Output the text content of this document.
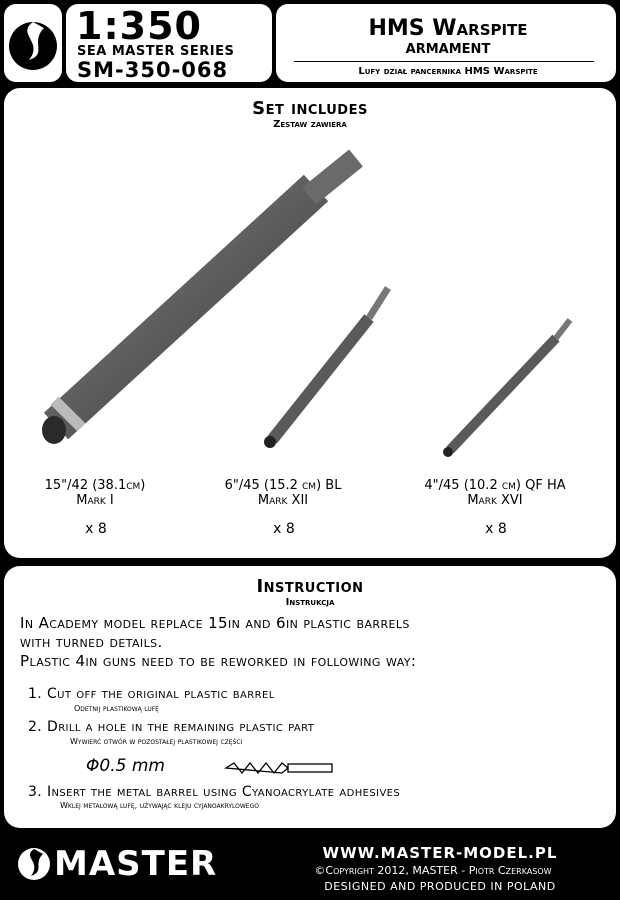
1:350
SEA MASTER SERIES
SM-350-068
HMS Warspite
ARMAMENT
Lufy dział pancernika HMS Warspite
Set includes
Zestaw zawiera
15"/42 (38.1cm)
Mark I
x 8
6"/45 (15.2 cm) BL
Mark XII
x 8
4"/45 (10.2 cm) QF HA
Mark XVI
x 8
Instruction
Instrukcja
In Academy model replace 15in and 6in plastic barrels
with turned details.
Plastic 4in guns need to be reworked in following way:
1. Cut off the original plastic barrel
Odetnij plastikową lufę
2. Drill a hole in the remaining plastic part
Wywierć otwór w pozostałej plastikowej części
Φ0.5 mm
3. Insert the metal barrel using Cyanoacrylate adhesives
Wklej metalową lufę, używając kleju cyjanoakrylowego
MASTER	WWW.MASTER-MODEL.PL
©Copyright 2012, MASTER - Piotr Czerkasow
DESIGNED AND PRODUCED IN POLAND
